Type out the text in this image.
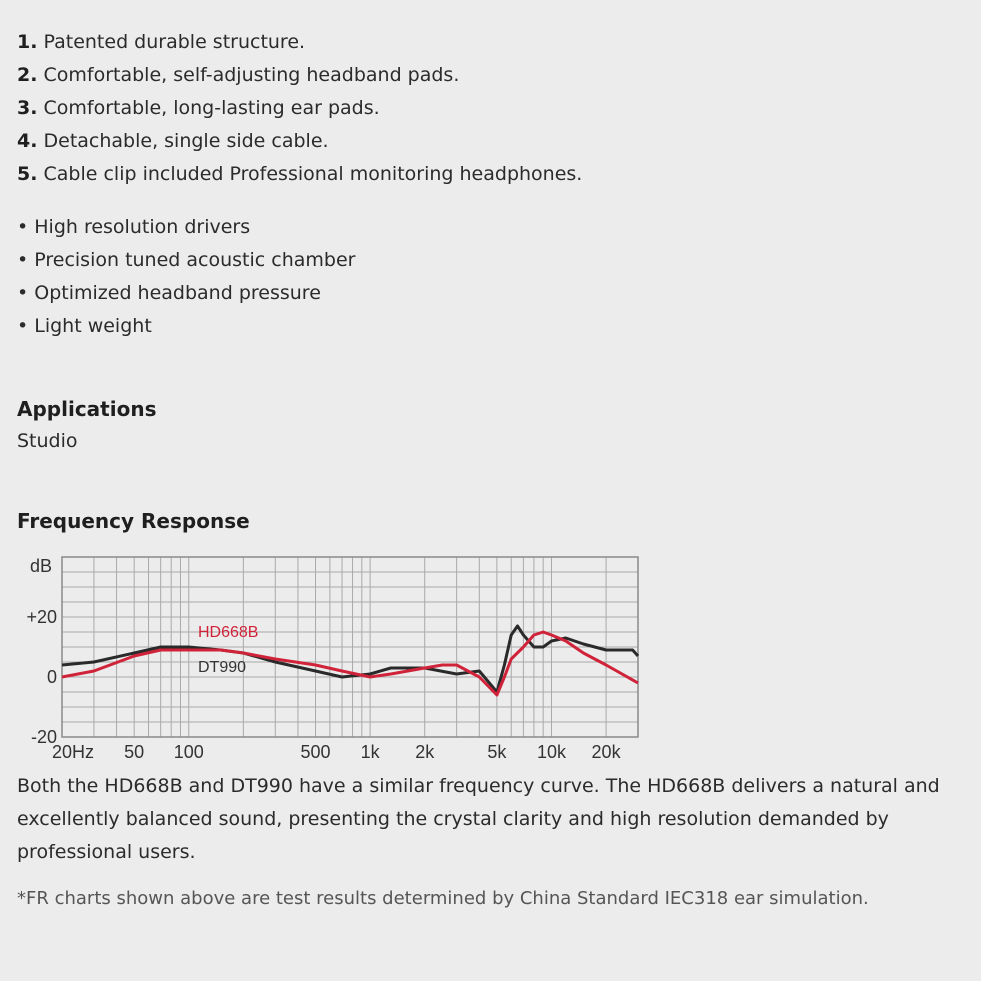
1. Patented durable structure.
2. Comfortable, self-adjusting headband pads.
3. Comfortable, long-lasting ear pads.
4. Detachable, single side cable.
5. Cable clip included Professional monitoring headphones.
• High resolution drivers
• Precision tuned acoustic chamber
• Optimized headband pressure
• Light weight
Applications
Studio
Frequency Response
20Hz 50 100	500 1k 2k	5k 10k 20k
+20
0
-20
dB
HD668B
DT990
Both the HD668B and DT990 have a similar frequency curve. The HD668B delivers a natural and excellently balanced sound, presenting the crystal clarity and high resolution demanded by professional users.
*FR charts shown above are test results determined by China Standard IEC318 ear simulation.
